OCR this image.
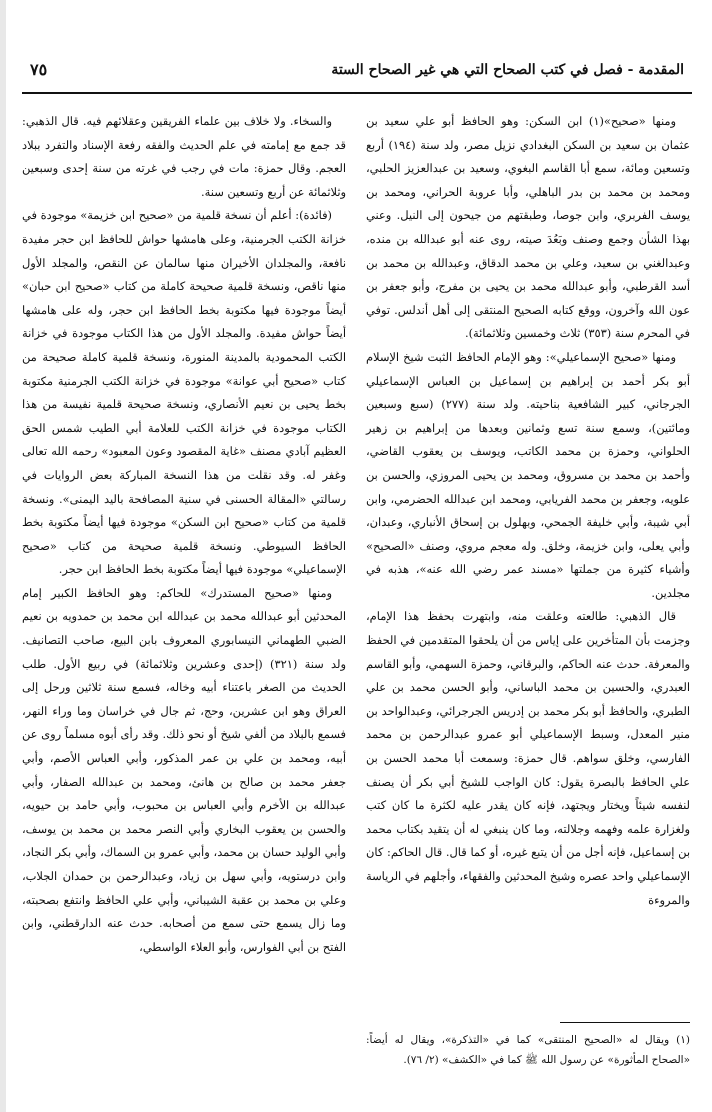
٧٥	المقدمة - فصل في كتب الصحاح التي هي غير الصحاح الستة

ومنها «صحيح»(١) ابن السكن: وهو الحافظ أبو علي سعيد بن عثمان بن سعيد بن السكن البغدادي نزيل مصر، ولد سنة (١٩٤) أربع وتسعين ومائة، سمع أبا القاسم البغوي، وسعيد بن عبدالعزيز الحلبي، ومحمد بن محمد بن بدر الباهلي، وأبا عروبة الحراني، ومحمد بن يوسف الفربري، وابن جوصا، وطبقتهم من جيحون إلى النيل. وعني بهذا الشأن وجمع وصنف وبَعُدَ صيته، روى عنه أبو عبدالله بن منده، وعبدالغني بن سعيد، وعلي بن محمد الدقاق، وعبدالله بن محمد بن أسد القرطبي، وأبو عبدالله محمد بن يحيى بن مفرج، وأبو جعفر بن عون الله وآخرون، ووقع كتابه الصحيح المنتقى إلى أهل أندلس. توفي في المحرم سنة (٣٥٣) ثلاث وخمسين وثلاثمائة).

ومنها «صحيح الإسماعيلي»: وهو الإمام الحافظ الثبت شيخ الإسلام أبو بكر أحمد بن إبراهيم بن إسماعيل بن العباس الإسماعيلي الجرجاني، كبير الشافعية بناحيته. ولد سنة (٢٧٧) (سبع وسبعين ومائتين)، وسمع سنة تسع وثمانين وبعدها من إبراهيم بن زهير الحلواني، وحمزة بن محمد الكاتب، ويوسف بن يعقوب القاضي، وأحمد بن محمد بن مسروق، ومحمد بن يحيى المروزي، والحسن بن علويه، وجعفر بن محمد الفريابي، ومحمد ابن عبدالله الحضرمي، وابن أبي شيبة، وأبي خليفة الجمحي، وبهلول بن إسحاق الأنباري، وعبدان، وأبي يعلى، وابن خزيمة، وخلق. وله معجم مروي، وصنف «الصحيح» وأشياء كثيرة من جملتها «مسند عمر رضي الله عنه»، هذبه في مجلدين.

قال الذهبي: طالعته وعلقت منه، وابتهرت بحفظ هذا الإمام، وجزمت بأن المتأخرين على إياس من أن يلحقوا المتقدمين في الحفظ والمعرفة. حدث عنه الحاكم، والبرقاني، وحمزة السهمي، وأبو القاسم العبدري، والحسين بن محمد الباساني، وأبو الحسن محمد بن علي الطبري، والحافظ أبو بكر محمد بن إدريس الجرجرائي، وعبدالواحد بن منير المعدل، وسبط الإسماعيلي أبو عمرو عبدالرحمن بن محمد الفارسي، وخلق سواهم. قال حمزة: وسمعت أبا محمد الحسن بن علي الحافظ بالبصرة يقول: كان الواجب للشيخ أبي بكر أن يصنف لنفسه شيئاً ويختار ويجتهد، فإنه كان يقدر عليه لكثرة ما كان كتب ولغزارة علمه وفهمه وجلالته، وما كان ينبغي له أن يتقيد بكتاب محمد بن إسماعيل، فإنه أجل من أن يتبع غيره، أو كما قال. قال الحاكم: كان الإسماعيلي واحد عصره وشيخ المحدثين والفقهاء، وأجلهم في الرياسة والمروءة

والسخاء. ولا خلاف بين علماء الفريقين وعقلائهم فيه. قال الذهبي: قد جمع مع إمامته في علم الحديث والفقه رفعة الإسناد والتفرد ببلاد العجم. وقال حمزة: مات في رجب في غرته من سنة إحدى وسبعين وثلاثمائة عن أربع وتسعين سنة.

(فائدة): أعلم أن نسخة قلمية من «صحيح ابن خزيمة» موجودة في خزانة الكتب الجرمنية، وعلى هامشها حواش للحافظ ابن حجر مفيدة نافعة، والمجلدان الأخيران منها سالمان عن النقص، والمجلد الأول منها ناقص، ونسخة قلمية صحيحة كاملة من كتاب «صحيح ابن حبان» أيضاً موجودة فيها مكتوبة بخط الحافظ ابن حجر، وله على هامشها أيضاً حواش مفيدة. والمجلد الأول من هذا الكتاب موجودة في خزانة الكتب المحمودية بالمدينة المنورة، ونسخة قلمية كاملة صحيحة من كتاب «صحيح أبي عوانة» موجودة في خزانة الكتب الجرمنية مكتوبة بخط يحيى بن نعيم الأنصاري، ونسخة صحيحة قلمية نفيسة من هذا الكتاب موجودة في خزانة الكتب للعلامة أبي الطيب شمس الحق العظيم آبادي مصنف «غاية المقصود وعون المعبود» رحمه الله تعالى وغفر له. وقد نقلت من هذا النسخة المباركة بعض الروايات في رسالتي «المقالة الحسنى في سنية المصافحة باليد اليمنى». ونسخة قلمية من كتاب «صحيح ابن السكن» موجودة فيها أيضاً مكتوبة بخط الحافظ السيوطي. ونسخة قلمية صحيحة من كتاب «صحيح الإسماعيلي» موجودة فيها أيضاً مكتوبة بخط الحافظ ابن حجر.

ومنها «صحيح المستدرك» للحاكم: وهو الحافظ الكبير إمام المحدثين أبو عبدالله محمد بن عبدالله ابن محمد بن حمدويه بن نعيم الضبي الطهماني النيسابوري المعروف بابن البيع، صاحب التصانيف. ولد سنة (٣٢١) (إحدى وعشرين وثلاثمائة) في ربيع الأول. طلب الحديث من الصغر باعتناء أبيه وخاله، فسمع سنة ثلاثين ورحل إلى العراق وهو ابن عشرين، وحج، ثم جال في خراسان وما وراء النهر، فسمع بالبلاد من ألفي شيخ أو نحو ذلك. وقد رأى أبوه مسلماً روى عن أبيه، ومحمد بن علي بن عمر المذكور، وأبي العباس الأصم، وأبي جعفر محمد بن صالح بن هانئ، ومحمد بن عبدالله الصفار، وأبي عبدالله بن الأخرم وأبي العباس بن محبوب، وأبي حامد بن حيويه، والحسن بن يعقوب البخاري وأبي النصر محمد بن محمد بن يوسف، وأبي الوليد حسان بن محمد، وأبي عمرو بن السماك، وأبي بكر النجاد، وابن درستويه، وأبي سهل بن زياد، وعبدالرحمن بن حمدان الجلاب، وعلي بن محمد بن عقبة الشيباني، وأبي علي الحافظ وانتفع بصحبته، وما زال يسمع حتى سمع من أصحابه. حدث عنه الدارقطني، وابن الفتح بن أبي الفوارس، وأبو العلاء الواسطي،

(١) ويقال له «الصحيح المنتقى» كما في «التذكرة»، ويقال له أيضاً: «الصحاح المأثورة» عن رسول الله ﷺ كما في «الكشف» (٢/ ٧٦).
